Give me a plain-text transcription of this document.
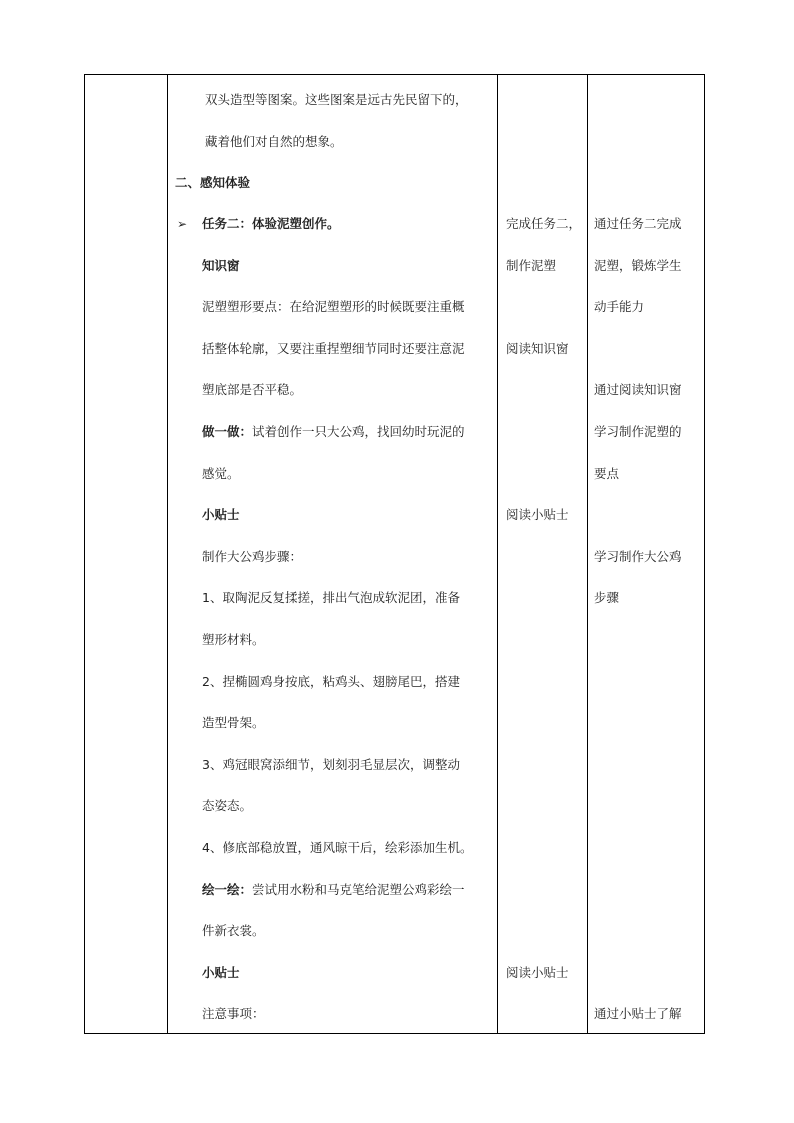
双头造型等图案。这些图案是远古先民留下的，
藏着他们对自然的想象。
二、感知体验
➢ 任务二：体验泥塑创作。
知识窗
泥塑塑形要点：在给泥塑塑形的时候既要注重概
括整体轮廓，又要注重捏塑细节同时还要注意泥
塑底部是否平稳。
做一做：试着创作一只大公鸡，找回幼时玩泥的
感觉。
小贴士
制作大公鸡步骤：
1、取陶泥反复揉搓，排出气泡成软泥团，准备
塑形材料。
2、捏椭圆鸡身按底，粘鸡头、翅膀尾巴，搭建
造型骨架。
3、鸡冠眼窝添细节，划刻羽毛显层次，调整动
态姿态。
4、修底部稳放置，通风晾干后，绘彩添加生机。
绘一绘：尝试用水粉和马克笔给泥塑公鸡彩绘一
件新衣裳。
小贴士
注意事项：
完成任务二，
制作泥塑
阅读知识窗
阅读小贴士
阅读小贴士
通过任务二完成
泥塑，锻炼学生
动手能力
通过阅读知识窗
学习制作泥塑的
要点
学习制作大公鸡
步骤
通过小贴士了解
